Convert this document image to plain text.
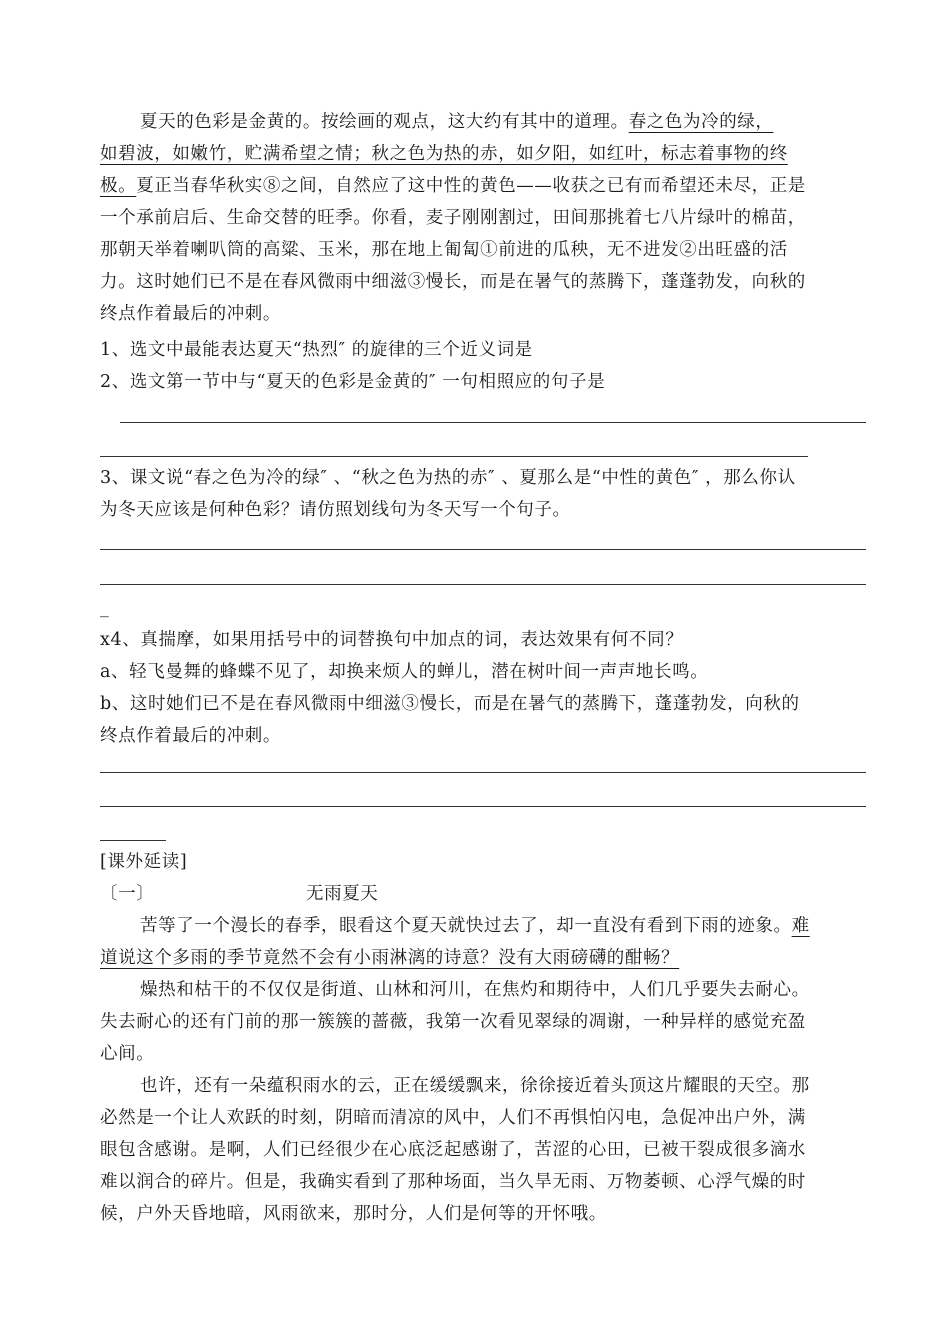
夏天的色彩是金黄的。按绘画的观点，这大约有其中的道理。春之色为冷的绿，
如碧波，如嫩竹，贮满希望之情；秋之色为热的赤，如夕阳，如红叶，标志着事物的终
极。夏正当春华秋实⑧之间，自然应了这中性的黄色——收获之已有而希望还未尽，正是
一个承前启后、生命交替的旺季。你看，麦子刚刚割过，田间那挑着七八片绿叶的棉苗，
那朝天举着喇叭筒的高粱、玉米，那在地上匍匐①前进的瓜秧，无不进发②出旺盛的活
力。这时她们已不是在春风微雨中细滋③慢长，而是在暑气的蒸腾下，蓬蓬勃发，向秋的
终点作着最后的冲刺。
1、选文中最能表达夏天“热烈″ 的旋律的三个近义词是
2、选文第一节中与“夏天的色彩是金黄的″ 一句相照应的句子是
3、课文说“春之色为冷的绿″ 、“秋之色为热的赤″ 、夏那么是“中性的黄色″ ，那么你认
为冬天应该是何种色彩？请仿照划线句为冬天写一个句子。
_
x4、真揣摩，如果用括号中的词替换句中加点的词，表达效果有何不同？
a、轻飞曼舞的蜂蝶不见了，却换来烦人的蝉儿，潜在树叶间一声声地长鸣。
b、这时她们已不是在春风微雨中细滋③慢长，而是在暑气的蒸腾下，蓬蓬勃发，向秋的
终点作着最后的冲刺。
[课外延读]
〔一〕	无雨夏天
苦等了一个漫长的春季，眼看这个夏天就快过去了，却一直没有看到下雨的迹象。难
道说这个多雨的季节竟然不会有小雨淋漓的诗意？没有大雨磅礴的酣畅？
燥热和枯干的不仅仅是街道、山林和河川，在焦灼和期待中，人们几乎要失去耐心。
失去耐心的还有门前的那一簇簇的蔷薇，我第一次看见翠绿的凋谢，一种异样的感觉充盈
心间。
也许，还有一朵蕴积雨水的云，正在缓缓飘来，徐徐接近着头顶这片耀眼的天空。那
必然是一个让人欢跃的时刻，阴暗而清凉的风中，人们不再惧怕闪电，急促冲出户外，满
眼包含感谢。是啊，人们已经很少在心底泛起感谢了，苦涩的心田，已被干裂成很多滴水
难以润合的碎片。但是，我确实看到了那种场面，当久旱无雨、万物萎顿、心浮气燥的时
候，户外天昏地暗，风雨欲来，那时分，人们是何等的开怀哦。
